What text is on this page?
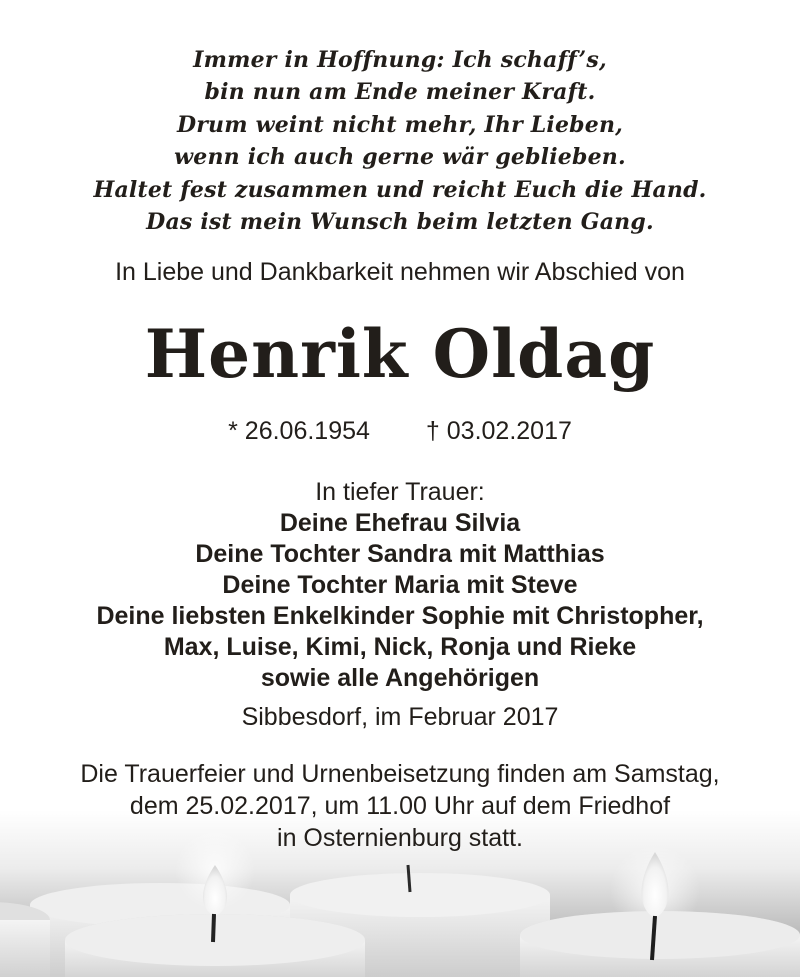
Immer in Hoffnung: Ich schaff’s,
bin nun am Ende meiner Kraft.
Drum weint nicht mehr, Ihr Lieben,
wenn ich auch gerne wär geblieben.
Haltet fest zusammen und reicht Euch die Hand.
Das ist mein Wunsch beim letzten Gang.
In Liebe und Dankbarkeit nehmen wir Abschied von
Henrik Oldag
* 26.06.1954 † 03.02.2017
In tiefer Trauer:
Deine Ehefrau Silvia
Deine Tochter Sandra mit Matthias
Deine Tochter Maria mit Steve
Deine liebsten Enkelkinder Sophie mit Christopher,
Max, Luise, Kimi, Nick, Ronja und Rieke
sowie alle Angehörigen
Sibbesdorf, im Februar 2017
Die Trauerfeier und Urnenbeisetzung finden am Samstag,
dem 25.02.2017, um 11.00 Uhr auf dem Friedhof
in Osternienburg statt.
